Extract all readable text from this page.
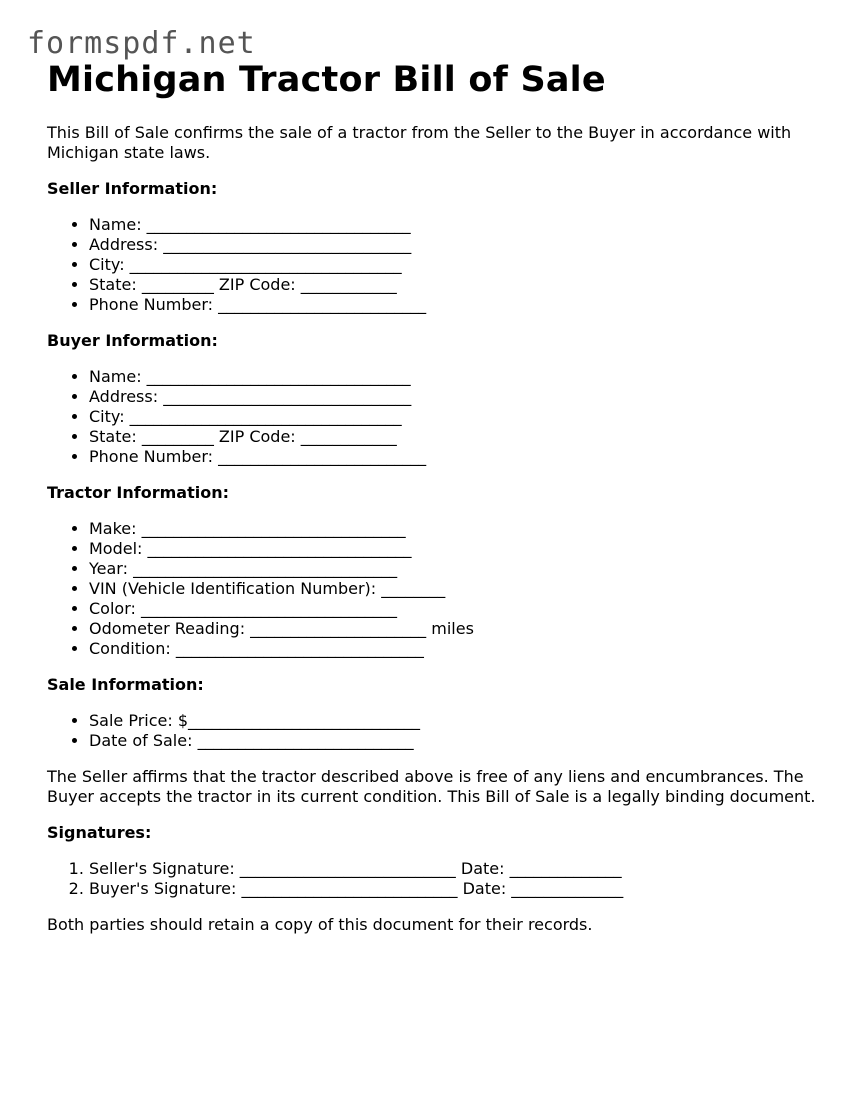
formspdf.net
Michigan Tractor Bill of Sale

This Bill of Sale confirms the sale of a tractor from the Seller to the Buyer in accordance with Michigan state laws.

Seller Information:
• Name: _________________________________
• Address: _______________________________
• City: __________________________________
• State: _________ ZIP Code: ____________
• Phone Number: __________________________
Buyer Information:
• Name: _________________________________
• Address: _______________________________
• City: __________________________________
• State: _________ ZIP Code: ____________
• Phone Number: __________________________
Tractor Information:
• Make: _________________________________
• Model: _________________________________
• Year: _________________________________
• VIN (Vehicle Identification Number): ________
• Color: ________________________________
• Odometer Reading: ______________________ miles
• Condition: _______________________________
Sale Information:
• Sale Price: $_____________________________
• Date of Sale: ___________________________

The Seller affirms that the tractor described above is free of any liens and encumbrances. The Buyer accepts the tractor in its current condition. This Bill of Sale is a legally binding document.

Signatures:
1. Seller's Signature: ___________________________ Date: ______________
2. Buyer's Signature: ___________________________ Date: ______________

Both parties should retain a copy of this document for their records.
